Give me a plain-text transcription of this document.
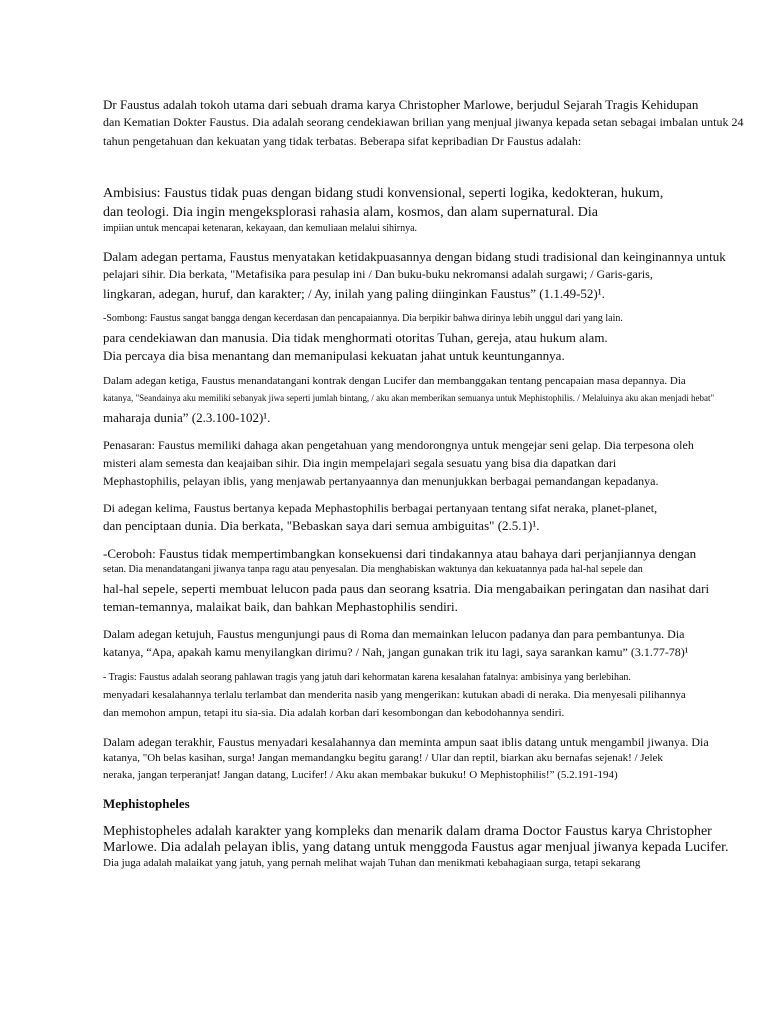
Dr Faustus adalah tokoh utama dari sebuah drama karya Christopher Marlowe, berjudul Sejarah Tragis Kehidupan
dan Kematian Dokter Faustus. Dia adalah seorang cendekiawan brilian yang menjual jiwanya kepada setan sebagai imbalan untuk 24
tahun pengetahuan dan kekuatan yang tidak terbatas. Beberapa sifat kepribadian Dr Faustus adalah:
Ambisius: Faustus tidak puas dengan bidang studi konvensional, seperti logika, kedokteran, hukum,
dan teologi. Dia ingin mengeksplorasi rahasia alam, kosmos, dan alam supernatural. Dia
impiian untuk mencapai ketenaran, kekayaan, dan kemuliaan melalui sihirnya.
Dalam adegan pertama, Faustus menyatakan ketidakpuasannya dengan bidang studi tradisional dan keinginannya untuk
pelajari sihir. Dia berkata, "Metafisika para pesulap ini / Dan buku-buku nekromansi adalah surgawi; / Garis-garis,
lingkaran, adegan, huruf, dan karakter; / Ay, inilah yang paling diinginkan Faustus” (1.1.49-52)¹.
-Sombong: Faustus sangat bangga dengan kecerdasan dan pencapaiannya. Dia berpikir bahwa dirinya lebih unggul dari yang lain.
para cendekiawan dan manusia. Dia tidak menghormati otoritas Tuhan, gereja, atau hukum alam.
Dia percaya dia bisa menantang dan memanipulasi kekuatan jahat untuk keuntungannya.
Dalam adegan ketiga, Faustus menandatangani kontrak dengan Lucifer dan membanggakan tentang pencapaian masa depannya. Dia
katanya, "Seandainya aku memiliki sebanyak jiwa seperti jumlah bintang, / aku akan memberikan semuanya untuk Mephistophilis. / Melaluinya aku akan menjadi hebat"
maharaja dunia” (2.3.100-102)¹.
Penasaran: Faustus memiliki dahaga akan pengetahuan yang mendorongnya untuk mengejar seni gelap. Dia terpesona oleh
misteri alam semesta dan keajaiban sihir. Dia ingin mempelajari segala sesuatu yang bisa dia dapatkan dari
Mephastophilis, pelayan iblis, yang menjawab pertanyaannya dan menunjukkan berbagai pemandangan kepadanya.
Di adegan kelima, Faustus bertanya kepada Mephastophilis berbagai pertanyaan tentang sifat neraka, planet-planet,
dan penciptaan dunia. Dia berkata, "Bebaskan saya dari semua ambiguitas" (2.5.1)¹.
-Ceroboh: Faustus tidak mempertimbangkan konsekuensi dari tindakannya atau bahaya dari perjanjiannya dengan
setan. Dia menandatangani jiwanya tanpa ragu atau penyesalan. Dia menghabiskan waktunya dan kekuatannya pada hal-hal sepele dan
hal-hal sepele, seperti membuat lelucon pada paus dan seorang ksatria. Dia mengabaikan peringatan dan nasihat dari
teman-temannya, malaikat baik, dan bahkan Mephastophilis sendiri.
Dalam adegan ketujuh, Faustus mengunjungi paus di Roma dan memainkan lelucon padanya dan para pembantunya. Dia
katanya, “Apa, apakah kamu menyilangkan dirimu? / Nah, jangan gunakan trik itu lagi, saya sarankan kamu” (3.1.77-78)¹
- Tragis: Faustus adalah seorang pahlawan tragis yang jatuh dari kehormatan karena kesalahan fatalnya: ambisinya yang berlebihan.
menyadari kesalahannya terlalu terlambat dan menderita nasib yang mengerikan: kutukan abadi di neraka. Dia menyesali pilihannya
dan memohon ampun, tetapi itu sia-sia. Dia adalah korban dari kesombongan dan kebodohannya sendiri.
Dalam adegan terakhir, Faustus menyadari kesalahannya dan meminta ampun saat iblis datang untuk mengambil jiwanya. Dia
katanya, "Oh belas kasihan, surga! Jangan memandangku begitu garang! / Ular dan reptil, biarkan aku bernafas sejenak! / Jelek
neraka, jangan terperanjat! Jangan datang, Lucifer! / Aku akan membakar bukuku! O Mephistophilis!” (5.2.191-194)
Mephistopheles
Mephistopheles adalah karakter yang kompleks dan menarik dalam drama Doctor Faustus karya Christopher
Marlowe. Dia adalah pelayan iblis, yang datang untuk menggoda Faustus agar menjual jiwanya kepada Lucifer.
Dia juga adalah malaikat yang jatuh, yang pernah melihat wajah Tuhan dan menikmati kebahagiaan surga, tetapi sekarang
